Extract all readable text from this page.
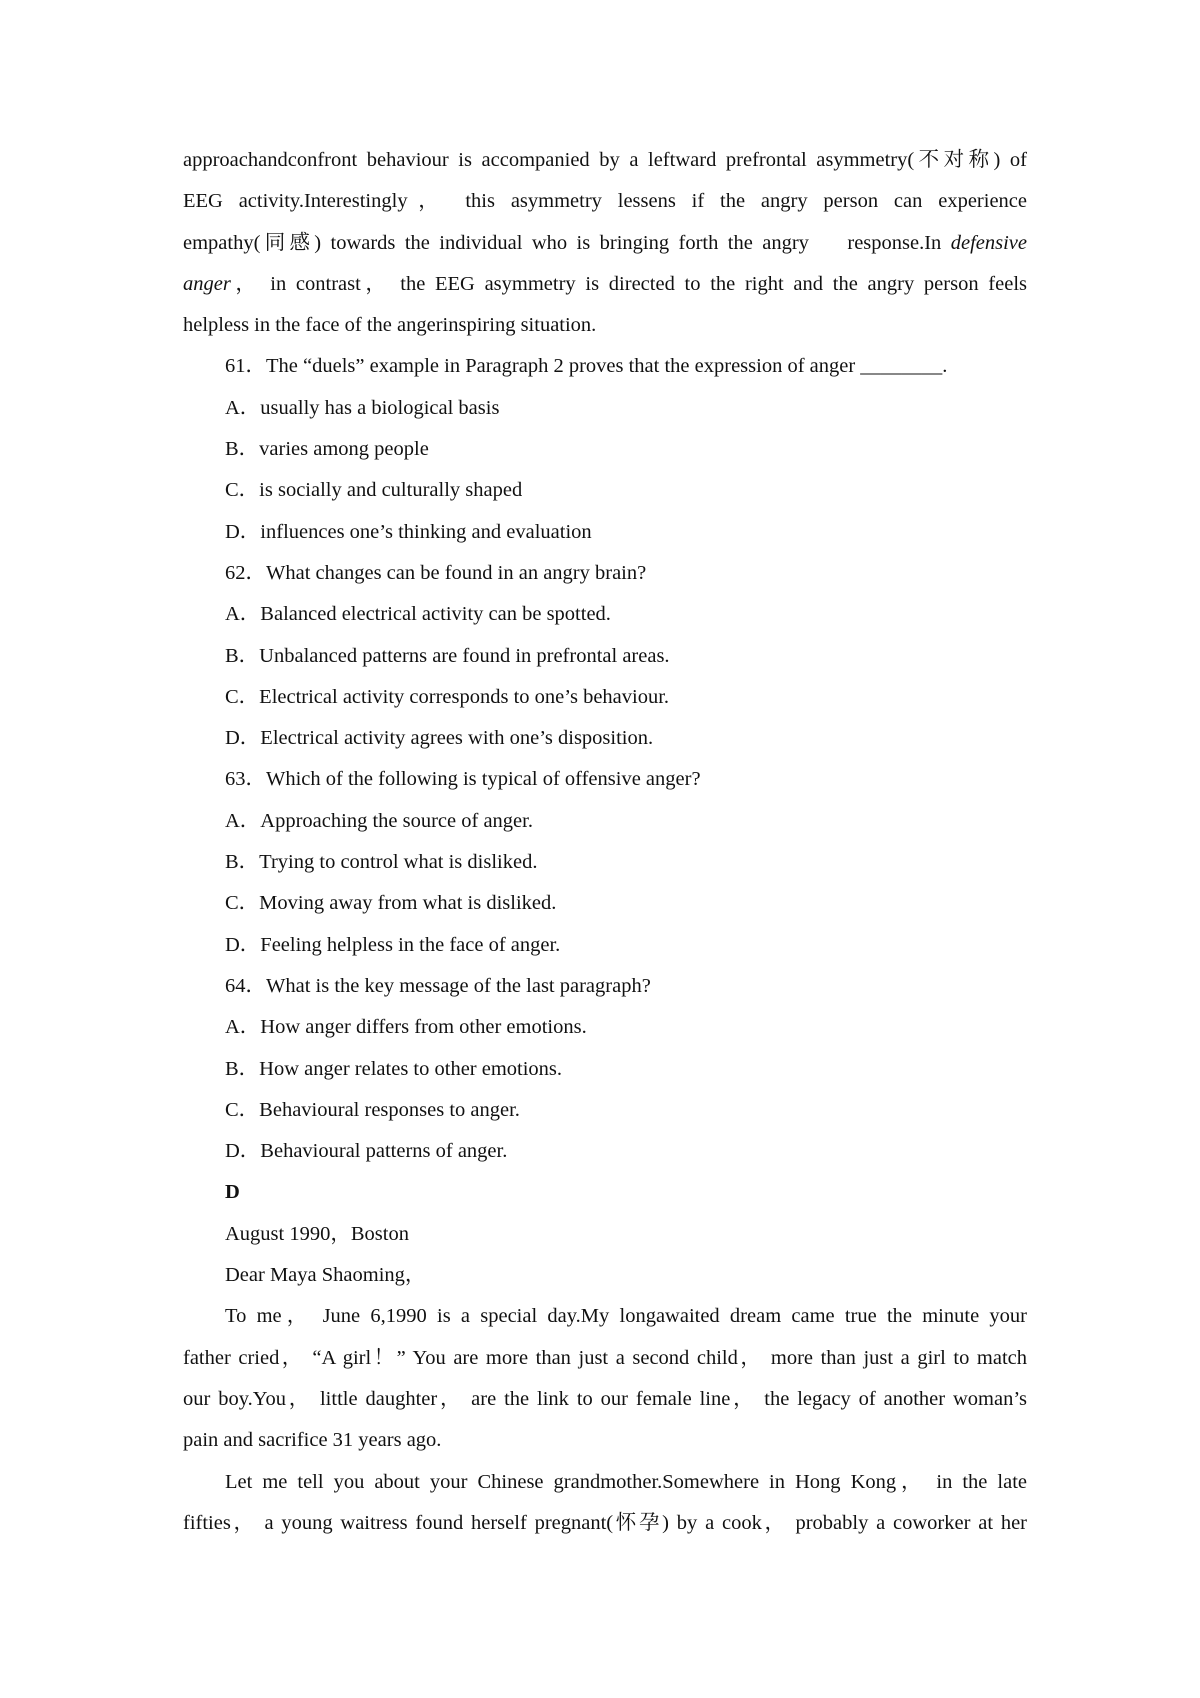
approachandconfront behaviour is accompanied by a leftward prefrontal asymmetry(不对称) of
EEG activity.Interestingly， this asymmetry lessens if the angry person can experience
empathy(同感) towards the individual who is bringing forth the angry　 response.In defensive
anger， in contrast， the EEG asymmetry is directed to the right and the angry person feels
helpless in the face of the angerinspiring situation.
61．The “duels” example in Paragraph 2 proves that the expression of anger ________.
A．usually has a biological basis
B．varies among people
C．is socially and culturally shaped
D．influences one’s thinking and evaluation
62．What changes can be found in an angry brain?
A．Balanced electrical activity can be spotted.
B．Unbalanced patterns are found in prefrontal areas.
C．Electrical activity corresponds to one’s behaviour.
D．Electrical activity agrees with one’s disposition.
63．Which of the following is typical of offensive anger?
A．Approaching the source of anger.
B．Trying to control what is disliked.
C．Moving away from what is disliked.
D．Feeling helpless in the face of anger.
64．What is the key message of the last paragraph?
A．How anger differs from other emotions.
B．How anger relates to other emotions.
C．Behavioural responses to anger.
D．Behavioural patterns of anger.
D
August 1990，Boston
Dear Maya Shaoming，
To me， June 6,1990 is a special day.My longawaited dream came true the minute your
father cried， “A girl！” You are more than just a second child， more than just a girl to match
our boy.You， little daughter， are the link to our female line， the legacy of another woman’s
pain and sacrifice 31 years ago.
Let me tell you about your Chinese grandmother.Somewhere in Hong Kong， in the late
fifties， a young waitress found herself pregnant(怀孕) by a cook， probably a coworker at her
